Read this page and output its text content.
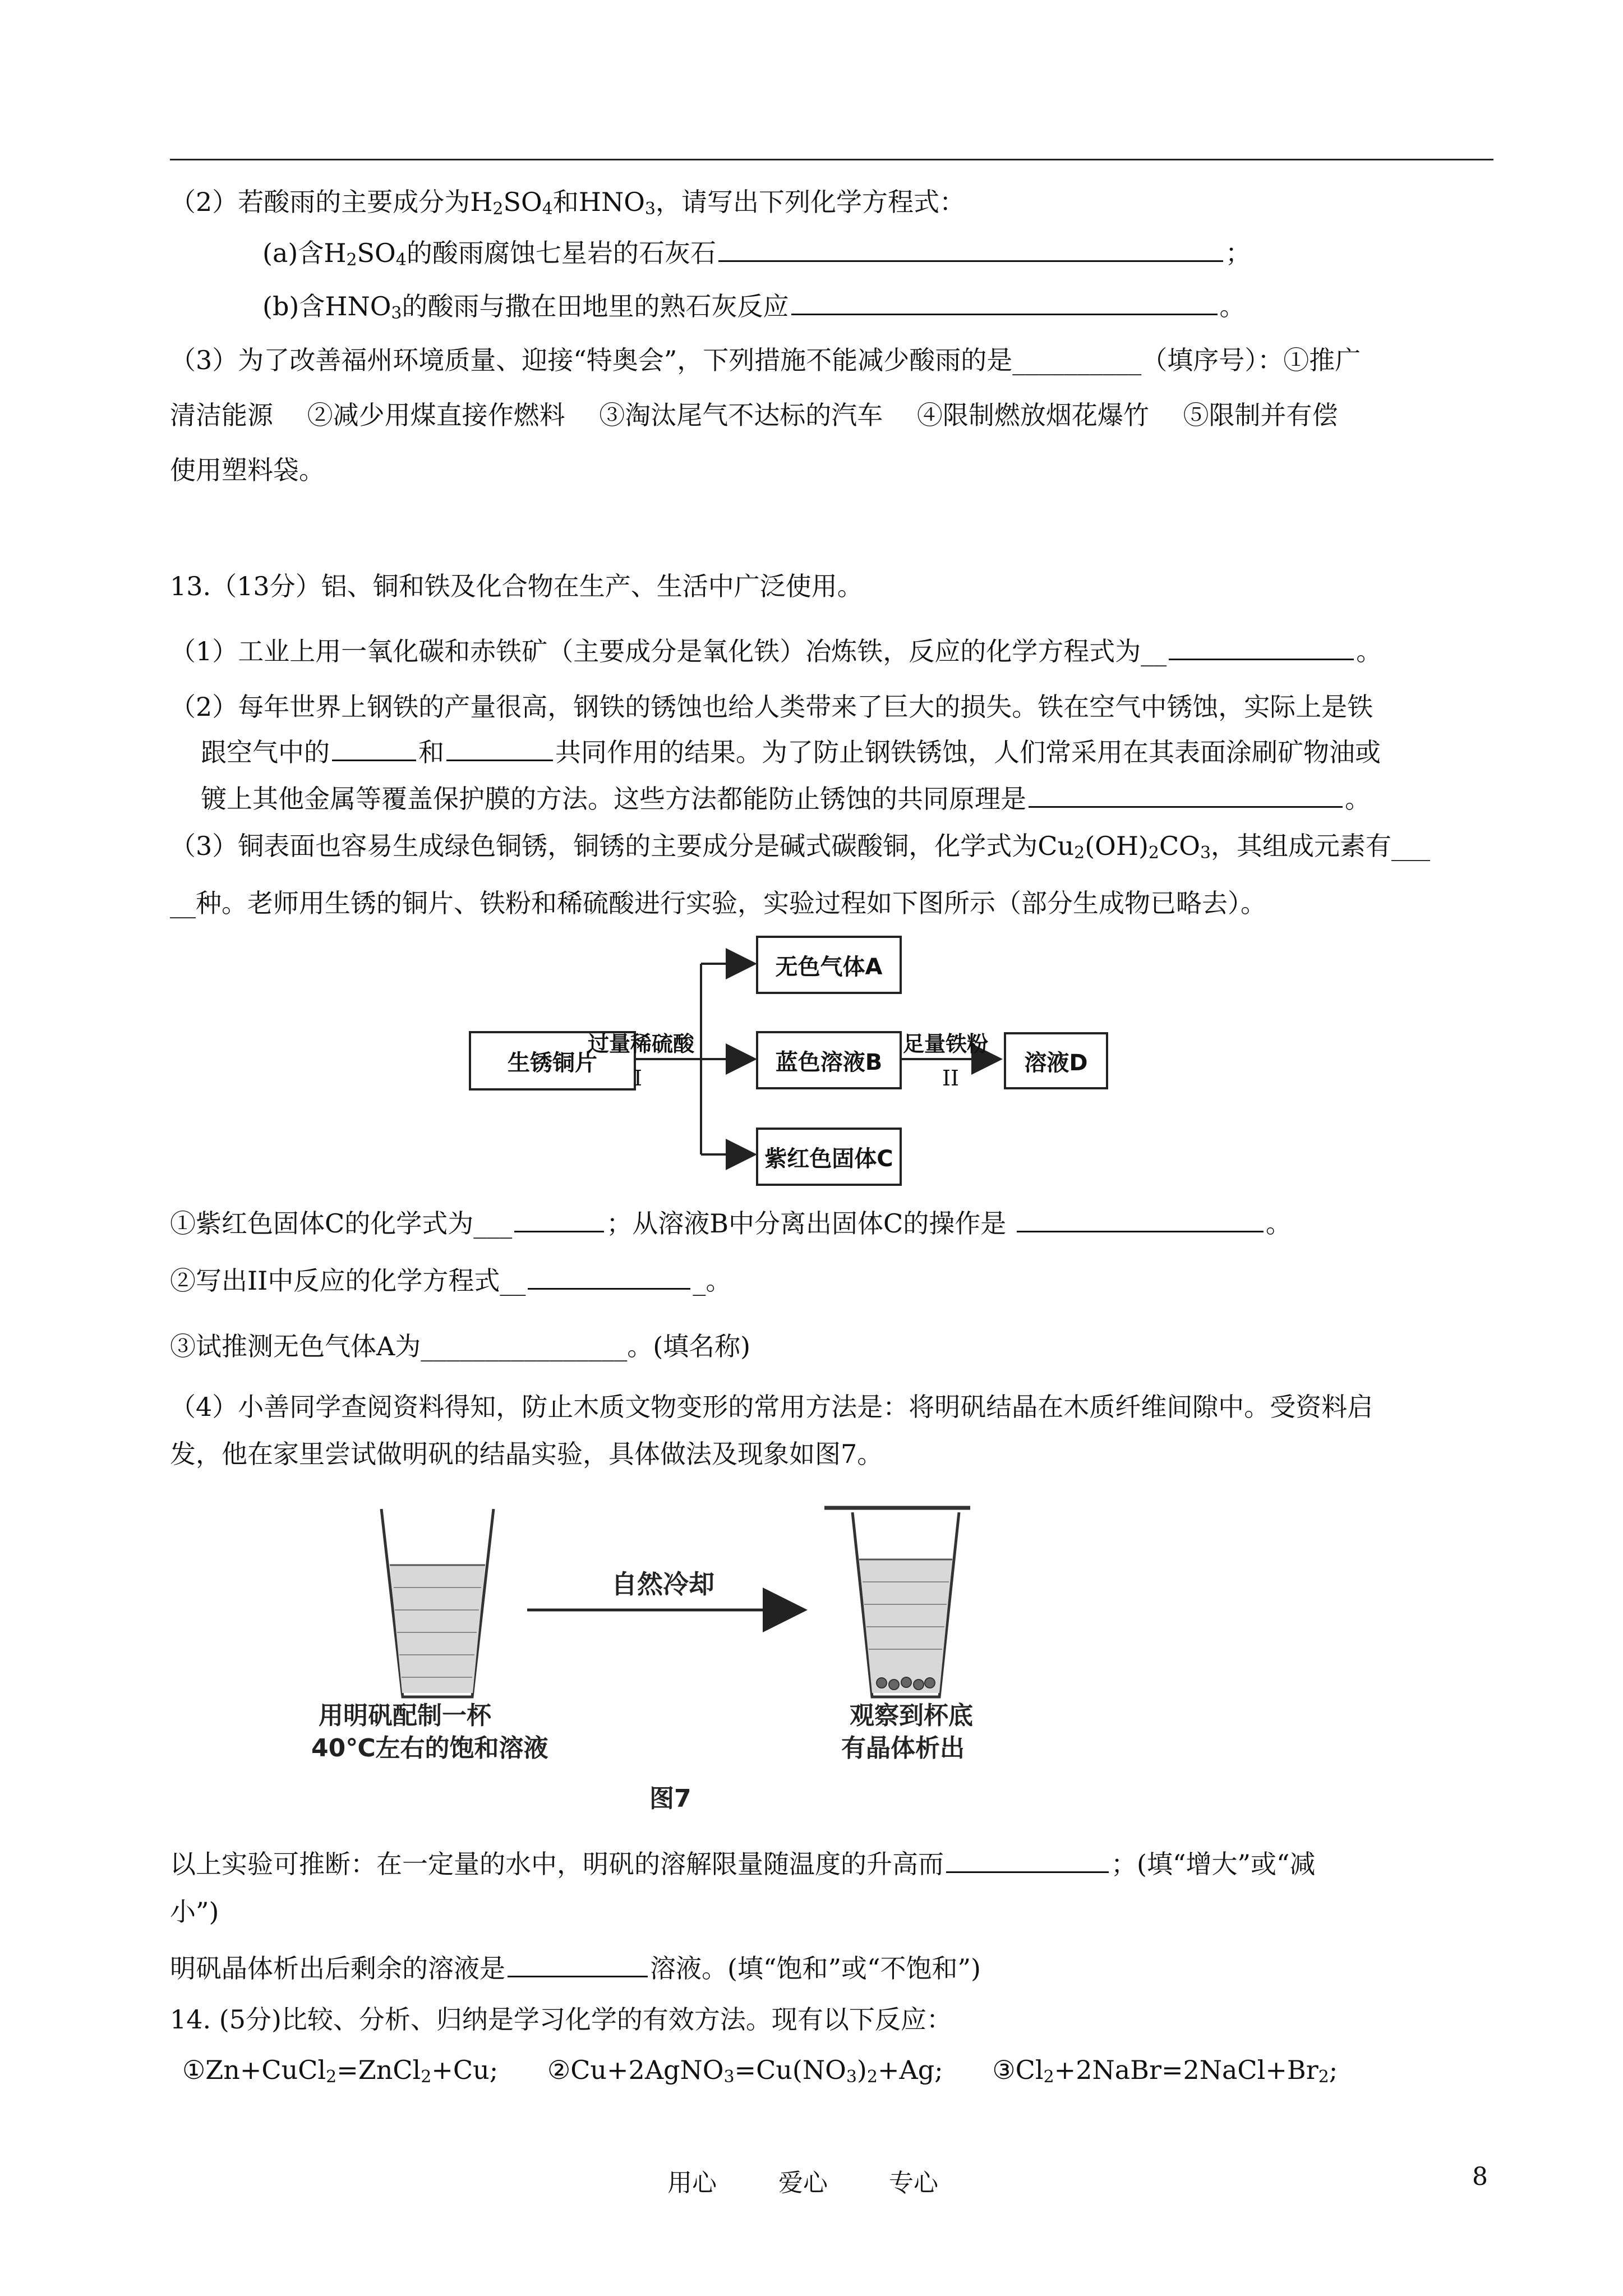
（2）若酸雨的主要成分为$H_2SO_4$和$HNO_3$，请写出下列化学方程式：
(a)含$H_2SO_4$的酸雨腐蚀七星岩的石灰石	；
(b)含$HNO_3$的酸雨与撒在田地里的熟石灰反应	。
（3）为了改善福州环境质量、迎接“特奥会”，下列措施不能减少酸雨的是__________（填序号）：①推广
清洁能源　 ②减少用煤直接作燃料　 ③淘汰尾气不达标的汽车　 ④限制燃放烟花爆竹　 ⑤限制并有偿
使用塑料袋。
13.（13分）铝、铜和铁及化合物在生产、生活中广泛使用。
（1）工业上用一氧化碳和赤铁矿（主要成分是氧化铁）冶炼铁，反应的化学方程式为__	。
（2）每年世界上钢铁的产量很高，钢铁的锈蚀也给人类带来了巨大的损失。铁在空气中锈蚀，实际上是铁
跟空气中的	和	共同作用的结果。为了防止钢铁锈蚀，人们常采用在其表面涂刷矿物油或
镀上其他金属等覆盖保护膜的方法。这些方法都能防止锈蚀的共同原理是	。
（3）铜表面也容易生成绿色铜锈，铜锈的主要成分是碱式碳酸铜，化学式为$Cu_2(OH)_2CO_3$，其组成元素有___
__种。老师用生锈的铜片、铁粉和稀硫酸进行实验，实验过程如下图所示（部分生成物已略去）。
生锈铜片
过量稀硫酸
I
无色气体A
蓝色溶液B
紫红色固体C
足量铁粉
II
溶液D
①紫红色固体C的化学式为___	；从溶液B中分离出固体C的操作是	。
②写出II中反应的化学方程式__	_。
③试推测无色气体A为________________。(填名称)
（4）小善同学查阅资料得知，防止木质文物变形的常用方法是：将明矾结晶在木质纤维间隙中。受资料启
发，他在家里尝试做明矾的结晶实验，具体做法及现象如图7。
自然冷却
用明矾配制一杯
40℃左右的饱和溶液
观察到杯底
有晶体析出
图7
以上实验可推断：在一定量的水中，明矾的溶解限量随温度的升高而	；(填“增大”或“减
小”)
明矾晶体析出后剩余的溶液是	溶液。(填“饱和”或“不饱和”)
14. (5分)比较、分析、归纳是学习化学的有效方法。现有以下反应：
①Zn+CuCl$_2$=ZnCl$_2$+Cu; $②Cu+2AgNO_3=Cu(NO_3)_2+Ag$; $③Cl_2+2NaBr=2NaCl+Br_2$;
用心	爱心 专心	8
